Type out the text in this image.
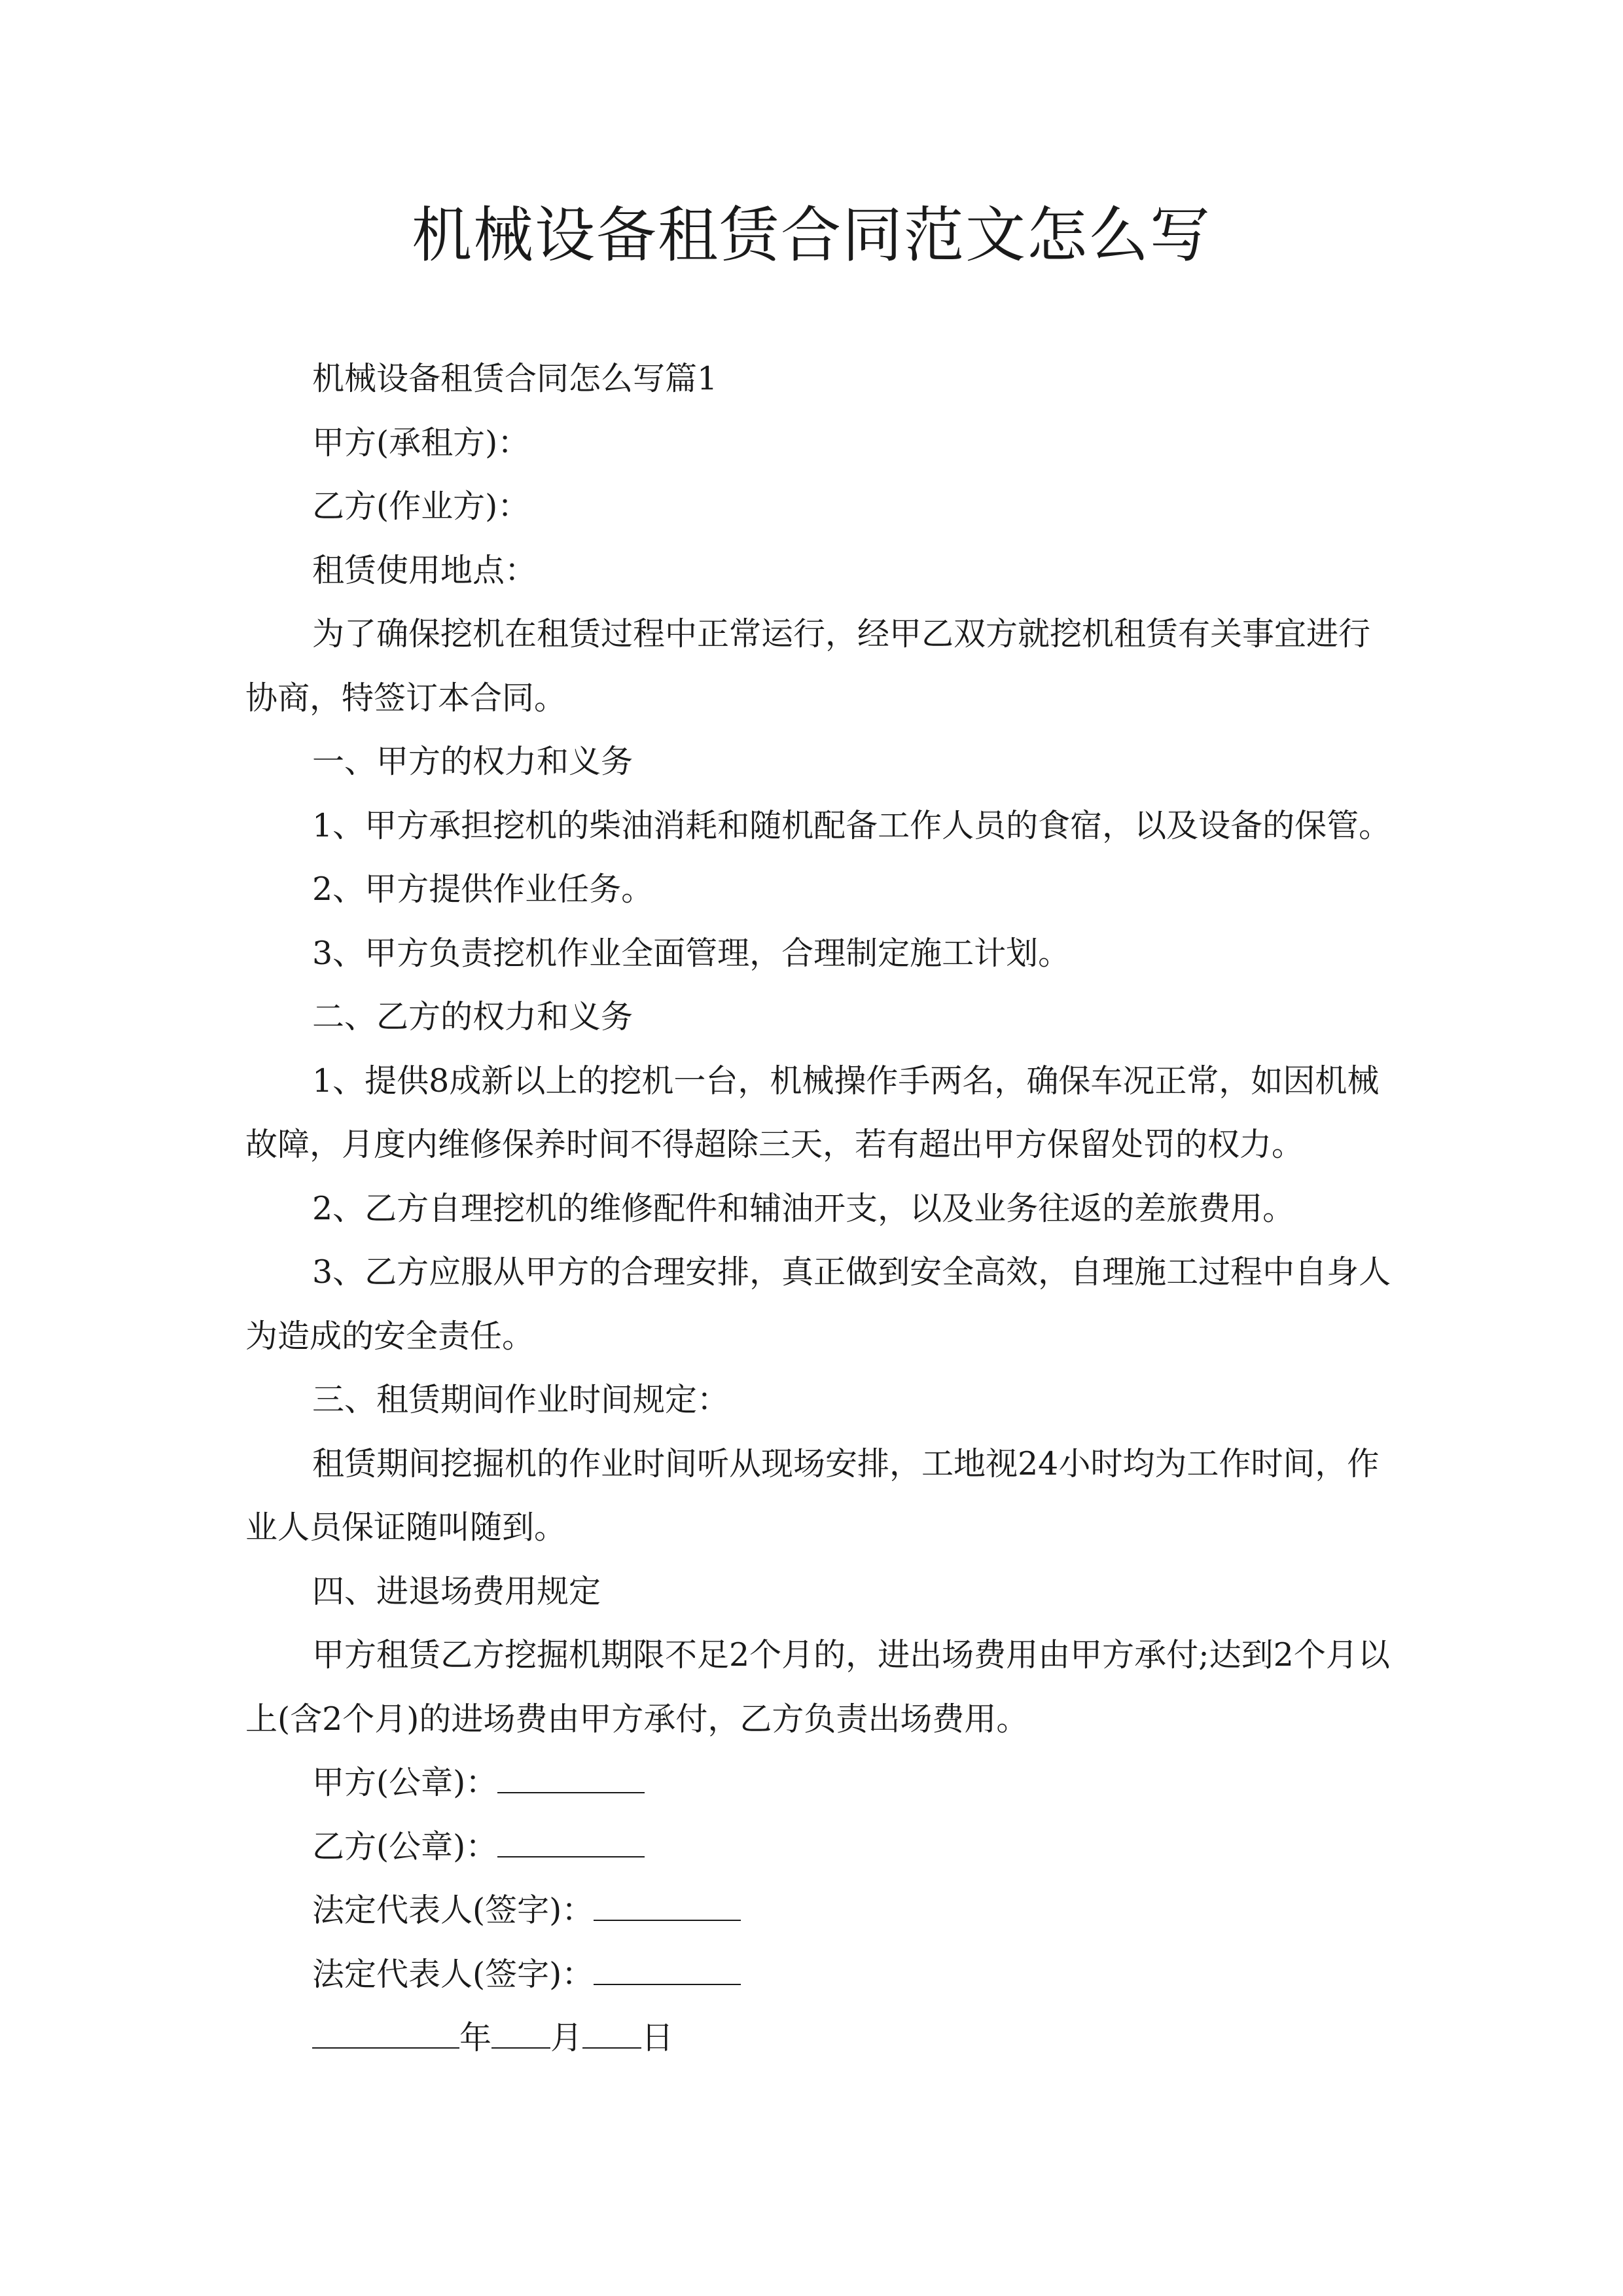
机械设备租赁合同范文怎么写

机械设备租赁合同怎么写篇1

甲方(承租方)：

乙方(作业方)：

租赁使用地点：

为了确保挖机在租赁过程中正常运行，经甲乙双方就挖机租赁有关事宜进行协商，特签订本合同。

一、甲方的权力和义务

1、甲方承担挖机的柴油消耗和随机配备工作人员的食宿，以及设备的保管。

2、甲方提供作业任务。

3、甲方负责挖机作业全面管理，合理制定施工计划。

二、乙方的权力和义务

1、提供8成新以上的挖机一台，机械操作手两名，确保车况正常，如因机械故障，月度内维修保养时间不得超除三天，若有超出甲方保留处罚的权力。

2、乙方自理挖机的维修配件和辅油开支，以及业务往返的差旅费用。

3、乙方应服从甲方的合理安排，真正做到安全高效，自理施工过程中自身人为造成的安全责任。

三、租赁期间作业时间规定：

租赁期间挖掘机的作业时间听从现场安排，工地视24小时均为工作时间，作业人员保证随叫随到。

四、进退场费用规定

甲方租赁乙方挖掘机期限不足2个月的，进出场费用由甲方承付;达到2个月以上(含2个月)的进场费由甲方承付，乙方负责出场费用。

甲方(公章)：

乙方(公章)：

法定代表人(签字)：

法定代表人(签字)：

年 月 日
